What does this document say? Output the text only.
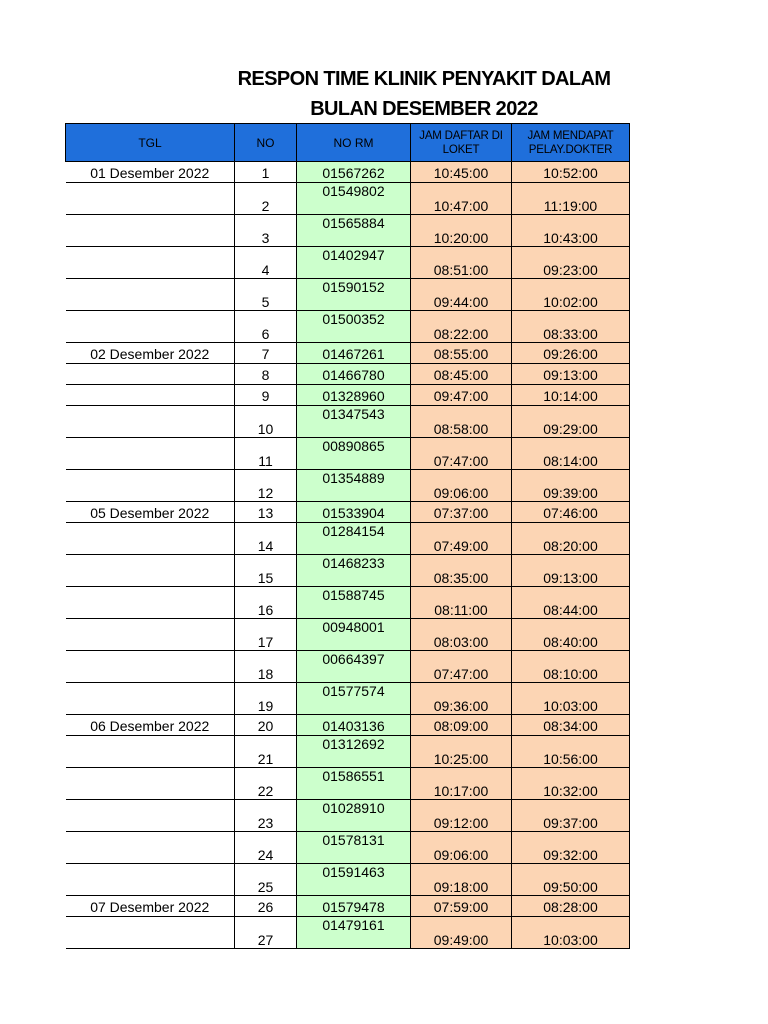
RESPON TIME KLINIK PENYAKIT DALAM
BULAN DESEMBER 2022
TGL	NO	NO RM	JAM DAFTAR DI LOKET	JAM MENDAPAT PELAY.DOKTER
01 Desember 2022	1	01567262	10:45:00	10:52:00
	2	01549802	10:47:00	11:19:00
	3	01565884	10:20:00	10:43:00
	4	01402947	08:51:00	09:23:00
	5	01590152	09:44:00	10:02:00
	6	01500352	08:22:00	08:33:00
02 Desember 2022	7	01467261	08:55:00	09:26:00
	8	01466780	08:45:00	09:13:00
	9	01328960	09:47:00	10:14:00
	10	01347543	08:58:00	09:29:00
	11	00890865	07:47:00	08:14:00
	12	01354889	09:06:00	09:39:00
05 Desember 2022	13	01533904	07:37:00	07:46:00
	14	01284154	07:49:00	08:20:00
	15	01468233	08:35:00	09:13:00
	16	01588745	08:11:00	08:44:00
	17	00948001	08:03:00	08:40:00
	18	00664397	07:47:00	08:10:00
	19	01577574	09:36:00	10:03:00
06 Desember 2022	20	01403136	08:09:00	08:34:00
	21	01312692	10:25:00	10:56:00
	22	01586551	10:17:00	10:32:00
	23	01028910	09:12:00	09:37:00
	24	01578131	09:06:00	09:32:00
	25	01591463	09:18:00	09:50:00
07 Desember 2022	26	01579478	07:59:00	08:28:00
	27	01479161	09:49:00	10:03:00
